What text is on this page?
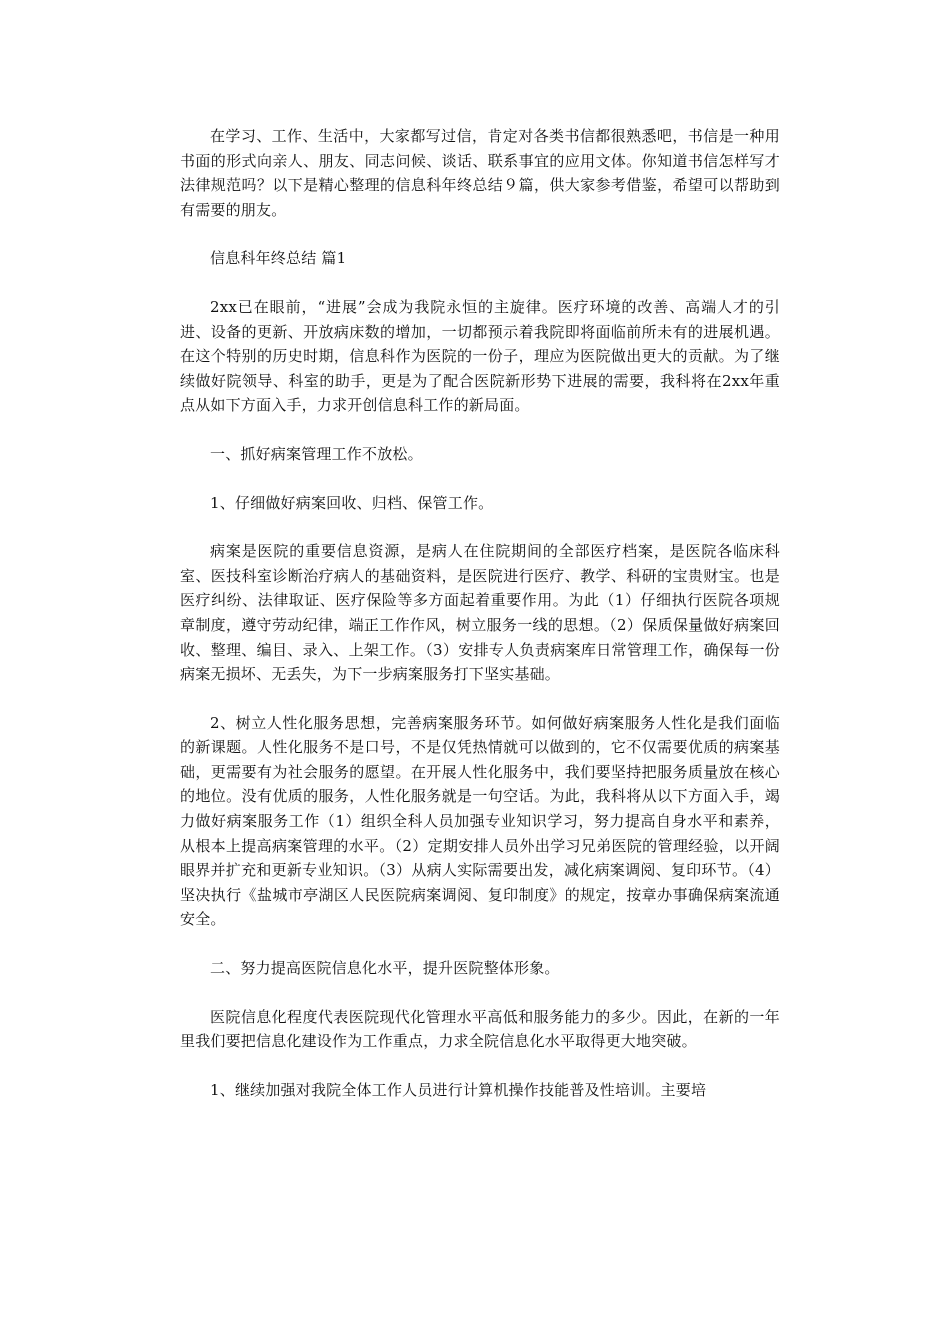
在学习、工作、生活中，大家都写过信，肯定对各类书信都很熟悉吧，书信是一种用书面的形式向亲人、朋友、同志问候、谈话、联系事宜的应用文体。你知道书信怎样写才法律规范吗？以下是精心整理的信息科年终总结９篇，供大家参考借鉴，希望可以帮助到有需要的朋友。

信息科年终总结 篇1

2xx已在眼前，“进展”会成为我院永恒的主旋律。医疗环境的改善、高端人才的引进、设备的更新、开放病床数的增加，一切都预示着我院即将面临前所未有的进展机遇。在这个特别的历史时期，信息科作为医院的一份子，理应为医院做出更大的贡献。为了继续做好院领导、科室的助手，更是为了配合医院新形势下进展的需要，我科将在2xx年重点从如下方面入手，力求开创信息科工作的新局面。

一、抓好病案管理工作不放松。

1、仔细做好病案回收、归档、保管工作。

病案是医院的重要信息资源，是病人在住院期间的全部医疗档案，是医院各临床科室、医技科室诊断治疗病人的基础资料，是医院进行医疗、教学、科研的宝贵财宝。也是医疗纠纷、法律取证、医疗保险等多方面起着重要作用。为此（1）仔细执行医院各项规章制度，遵守劳动纪律，端正工作作风，树立服务一线的思想。（2）保质保量做好病案回收、整理、编目、录入、上架工作。（3）安排专人负责病案库日常管理工作，确保每一份病案无损坏、无丢失，为下一步病案服务打下坚实基础。

2、树立人性化服务思想，完善病案服务环节。如何做好病案服务人性化是我们面临的新课题。人性化服务不是口号，不是仅凭热情就可以做到的，它不仅需要优质的病案基础，更需要有为社会服务的愿望。在开展人性化服务中，我们要坚持把服务质量放在核心的地位。没有优质的服务，人性化服务就是一句空话。为此，我科将从以下方面入手，竭力做好病案服务工作（1）组织全科人员加强专业知识学习，努力提高自身水平和素养，从根本上提高病案管理的水平。（2）定期安排人员外出学习兄弟医院的管理经验，以开阔眼界并扩充和更新专业知识。（3）从病人实际需要出发，减化病案调阅、复印环节。（4）坚决执行《盐城市亭湖区人民医院病案调阅、复印制度》的规定，按章办事确保病案流通安全。

二、努力提高医院信息化水平，提升医院整体形象。

医院信息化程度代表医院现代化管理水平高低和服务能力的多少。因此，在新的一年里我们要把信息化建设作为工作重点，力求全院信息化水平取得更大地突破。

1、继续加强对我院全体工作人员进行计算机操作技能普及性培训。主要培
